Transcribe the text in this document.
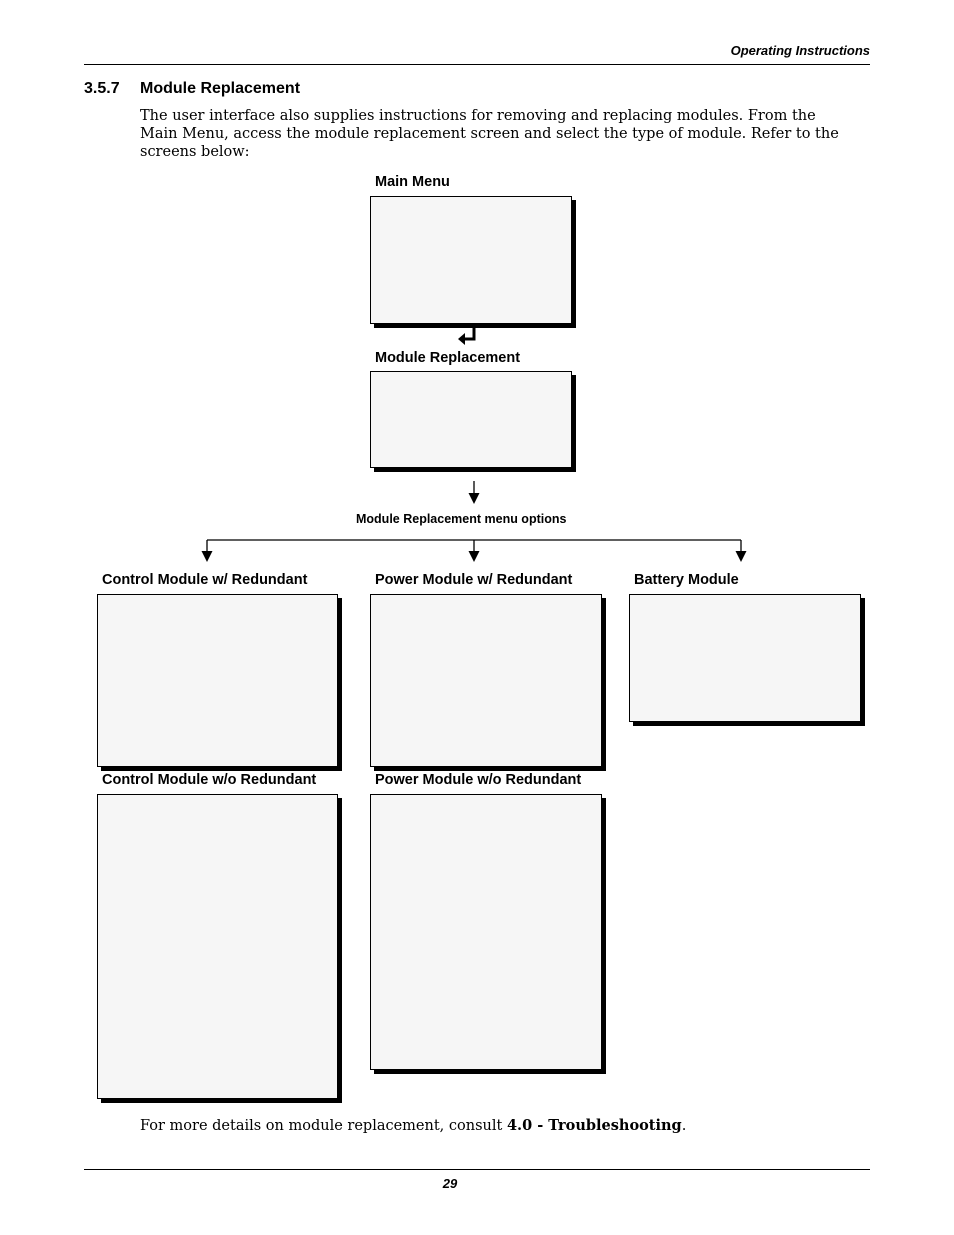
Operating Instructions
3.5.7 Module Replacement

The user interface also supplies instructions for removing and replacing modules. From the Main Menu, access the module replacement screen and select the type of module. Refer to the screens below:

Main Menu
Module Replacement
Module Replacement menu options
Control Module w/ Redundant	Power Module w/ Redundant	Battery Module
Control Module w/o Redundant	Power Module w/o Redundant

For more details on module replacement, consult 4.0 - Troubleshooting.

29
